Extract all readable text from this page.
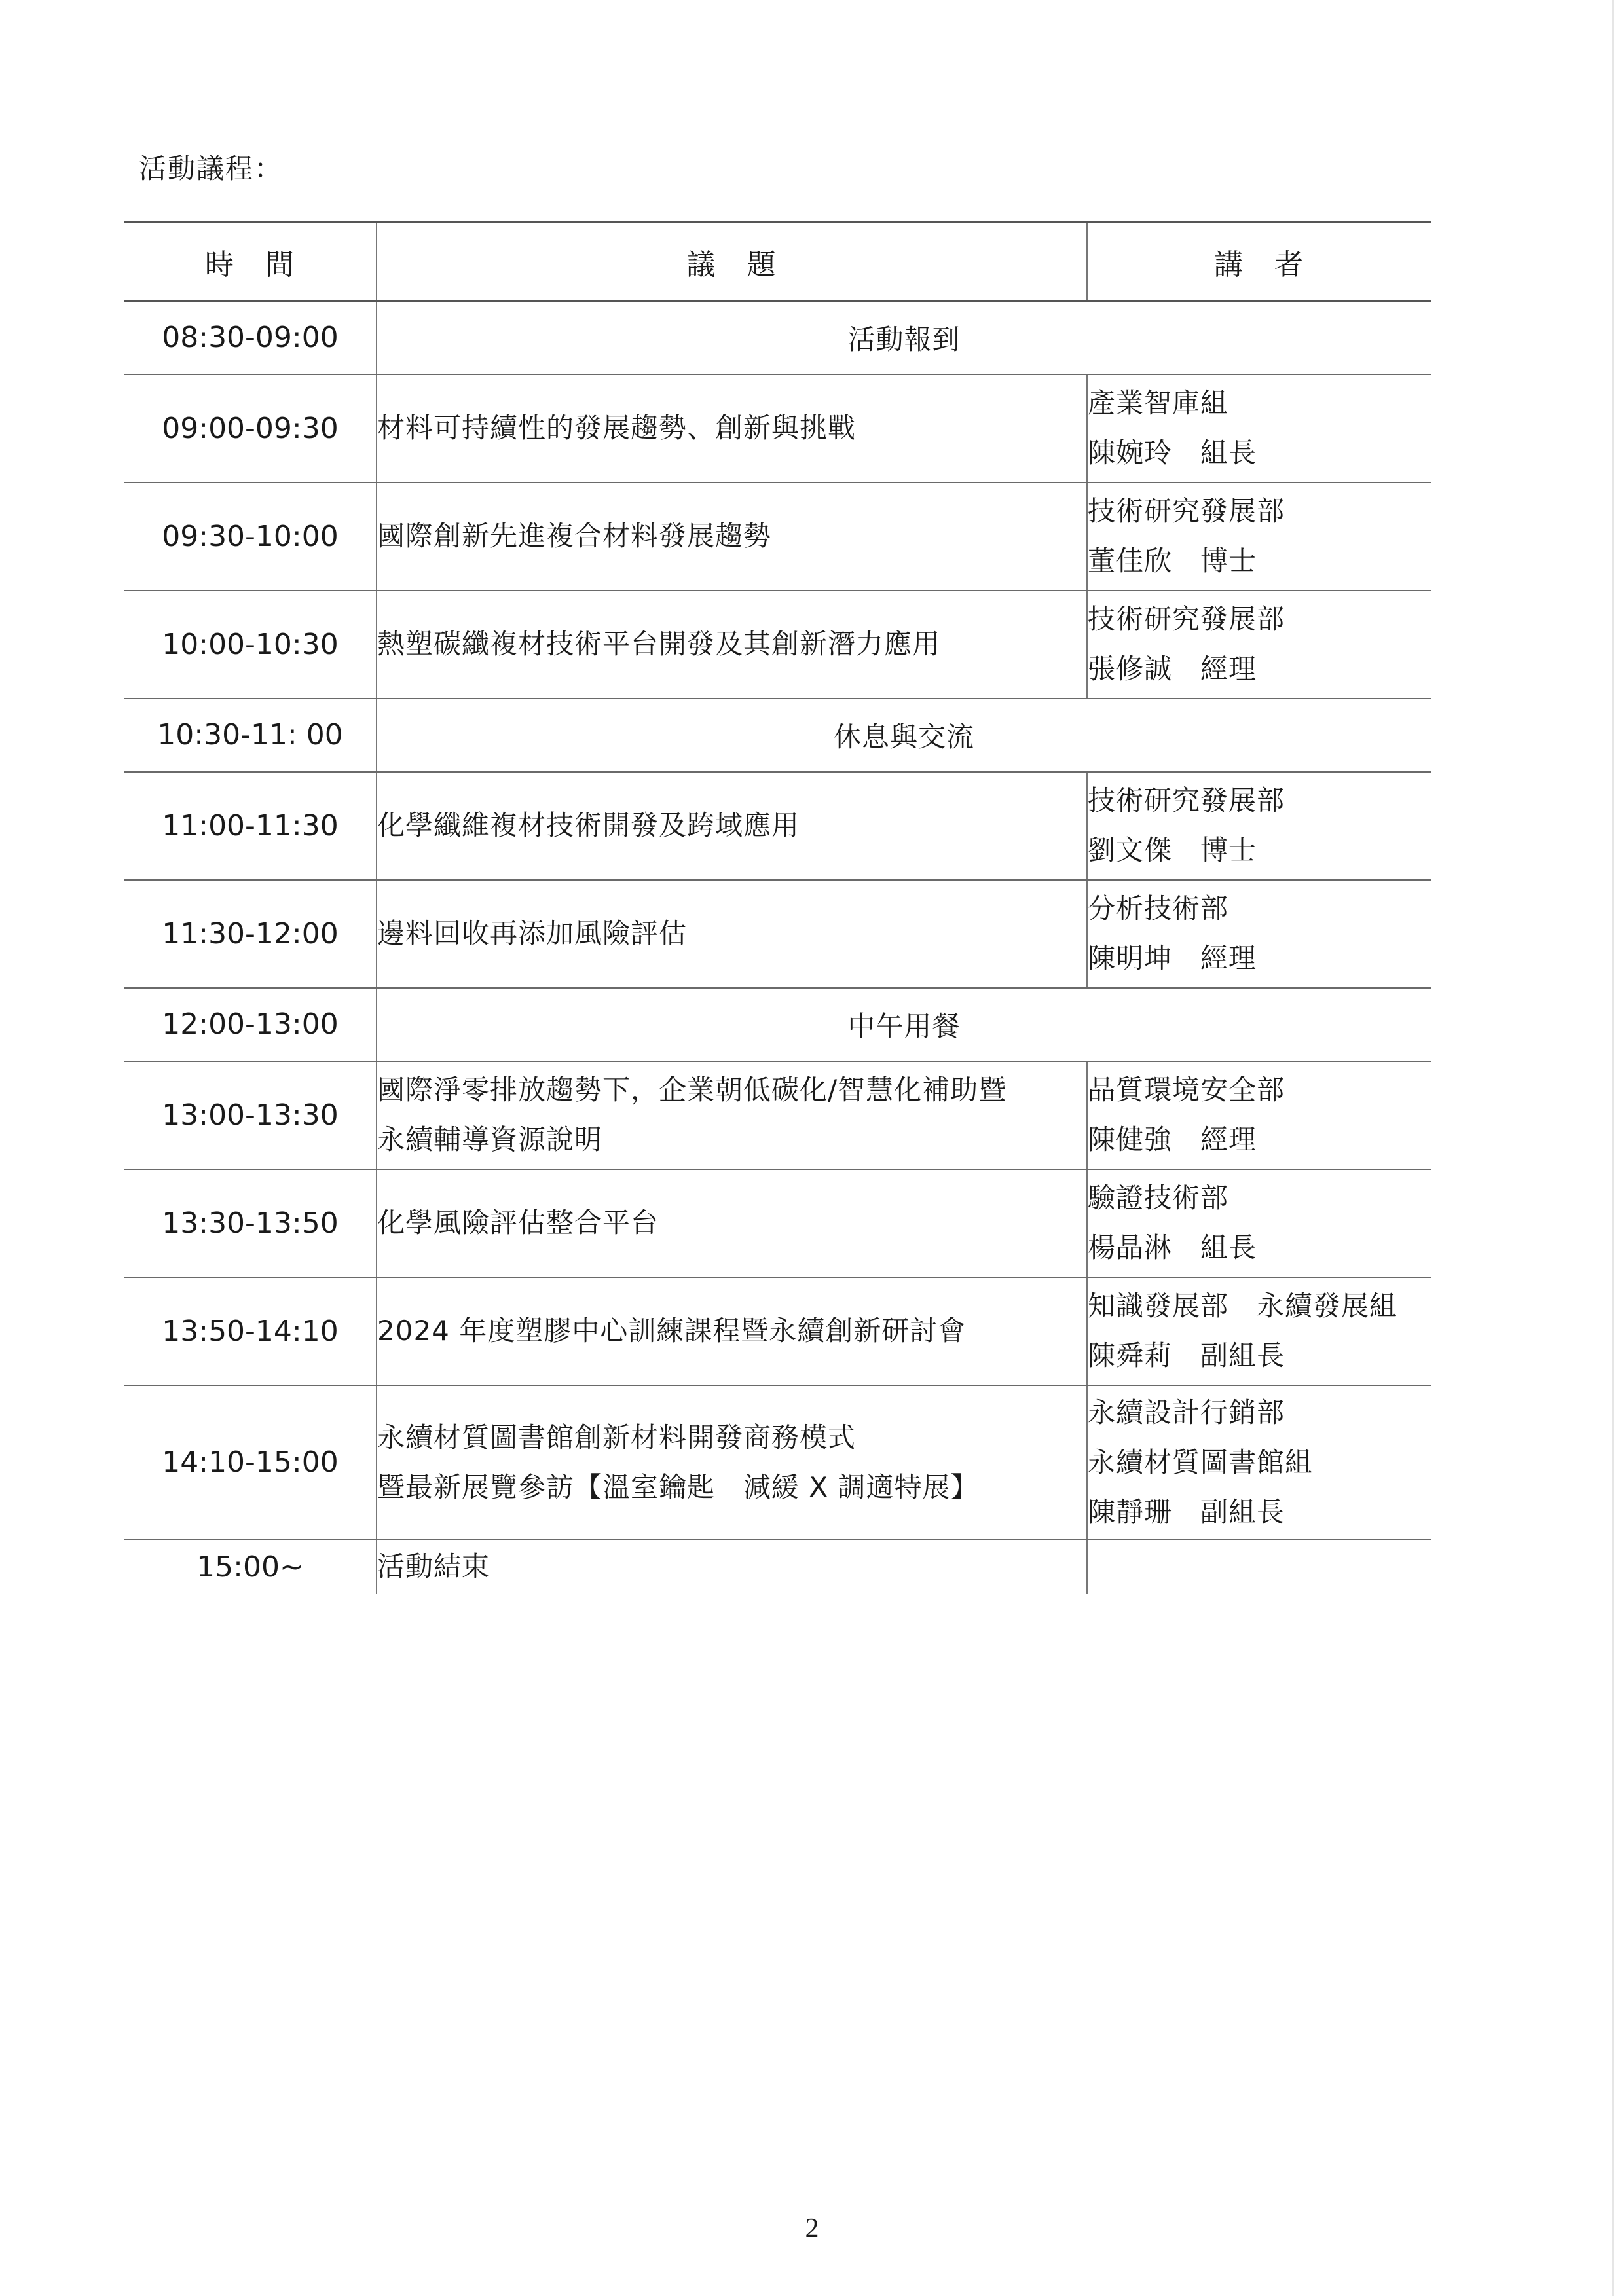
活動議程：
時　間	議　題	講　者
08:30-09:00	活動報到	
09:00-09:30	材料可持續性的發展趨勢、創新與挑戰	產業智庫組
陳婉玲　組長

09:30-10:00	國際創新先進複合材料發展趨勢	技術研究發展部
董佳欣　博士

10:00-10:30	熱塑碳纖複材技術平台開發及其創新潛力應用	技術研究發展部
張修誠　經理

10:30-11: 00	休息與交流	
11:00-11:30	化學纖維複材技術開發及跨域應用	技術研究發展部
劉文傑　博士

11:30-12:00	邊料回收再添加風險評估	分析技術部
陳明坤　經理

12:00-13:00	中午用餐	
13:00-13:30	國際淨零排放趨勢下，企業朝低碳化/智慧化補助暨
永續輔導資源說明	品質環境安全部
陳健強　經理

13:30-13:50	化學風險評估整合平台	驗證技術部
楊晶淋　組長

13:50-14:10	2024 年度塑膠中心訓練課程暨永續創新研討會	知識發展部　永續發展組
陳舜莉　副組長

14:10-15:00	永續材質圖書館創新材料開發商務模式
暨最新展覽參訪【溫室鑰匙　減緩 X 調適特展】	永續設計行銷部
永續材質圖書館組
陳靜珊　副組長

15:00~	活動結束	

2
